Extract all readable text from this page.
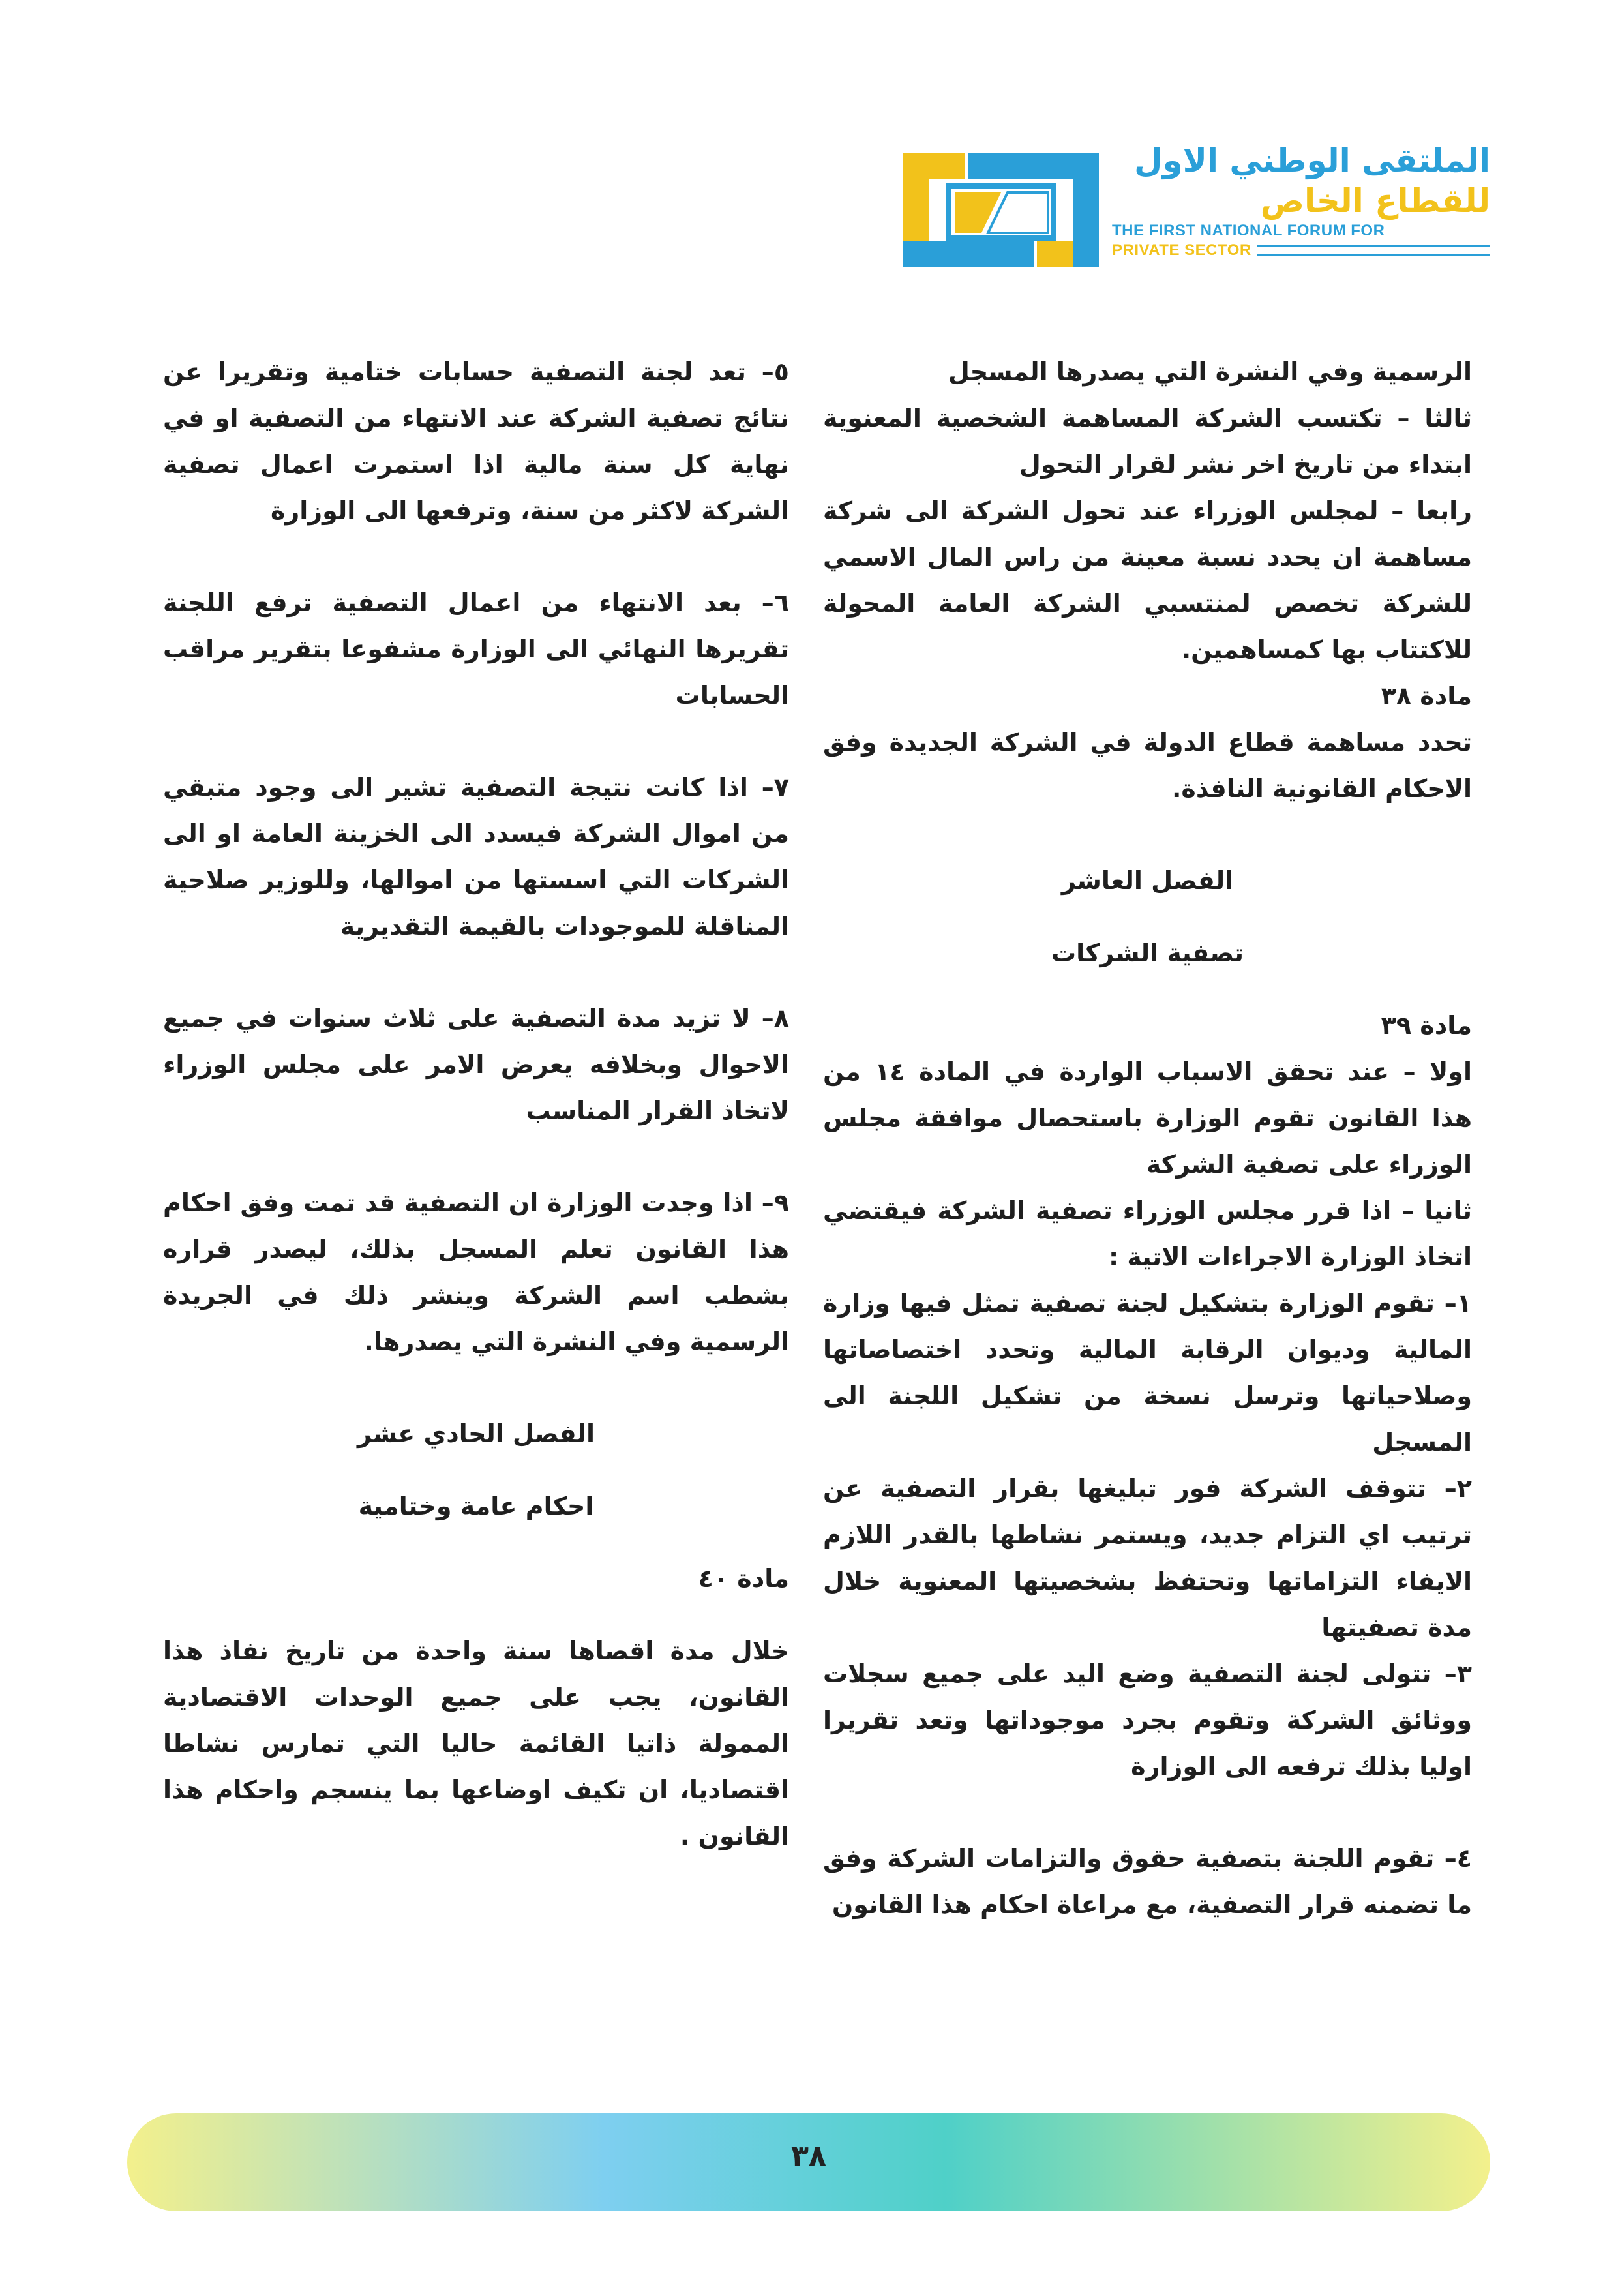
الملتقى الوطني الاول
للقطاع الخاص
THE FIRST NATIONAL FORUM FOR
PRIVATE SECTOR

الرسمية وفي النشرة التي يصدرها المسجل

ثالثا – تكتسب الشركة المساهمة الشخصية المعنوية ابتداء من تاريخ اخر نشر لقرار التحول

رابعا – لمجلس الوزراء عند تحول الشركة الى شركة مساهمة ان يحدد نسبة معينة من راس المال الاسمي للشركة تخصص لمنتسبي الشركة العامة المحولة للاكتتاب بها كمساهمين.

مادة ٣٨

تحدد مساهمة قطاع الدولة في الشركة الجديدة وفق الاحكام القانونية النافذة.

الفصل العاشر

تصفية الشركات

مادة ٣٩

اولا – عند تحقق الاسباب الواردة في المادة ١٤ من هذا القانون تقوم الوزارة باستحصال موافقة مجلس الوزراء على تصفية الشركة

ثانيا – اذا قرر مجلس الوزراء تصفية الشركة فيقتضي اتخاذ الوزارة الاجراءات الاتية :

١– تقوم الوزارة بتشكيل لجنة تصفية تمثل فيها وزارة المالية وديوان الرقابة المالية وتحدد اختصاصاتها وصلاحياتها وترسل نسخة من تشكيل اللجنة الى المسجل

٢– تتوقف الشركة فور تبليغها بقرار التصفية عن ترتيب اي التزام جديد، ويستمر نشاطها بالقدر اللازم الايفاء التزاماتها وتحتفظ بشخصيتها المعنوية خلال مدة تصفيتها

٣– تتولى لجنة التصفية وضع اليد على جميع سجلات ووثائق الشركة وتقوم بجرد موجوداتها وتعد تقريرا اوليا بذلك ترفعه الى الوزارة

٤– تقوم اللجنة بتصفية حقوق والتزامات الشركة وفق ما تضمنه قرار التصفية، مع مراعاة احكام هذا القانون

٥– تعد لجنة التصفية حسابات ختامية وتقريرا عن نتائج تصفية الشركة عند الانتهاء من التصفية او في نهاية كل سنة مالية اذا استمرت اعمال تصفية الشركة لاكثر من سنة، وترفعها الى الوزارة

٦– بعد الانتهاء من اعمال التصفية ترفع اللجنة تقريرها النهائي الى الوزارة مشفوعا بتقرير مراقب الحسابات

٧– اذا كانت نتيجة التصفية تشير الى وجود متبقي من اموال الشركة فيسدد الى الخزينة العامة او الى الشركات التي اسستها من اموالها، وللوزير صلاحية المناقلة للموجودات بالقيمة التقديرية

٨– لا تزيد مدة التصفية على ثلاث سنوات في جميع الاحوال وبخلافه يعرض الامر على مجلس الوزراء لاتخاذ القرار المناسب

٩– اذا وجدت الوزارة ان التصفية قد تمت وفق احكام هذا القانون تعلم المسجل بذلك، ليصدر قراره بشطب اسم الشركة وينشر ذلك في الجريدة الرسمية وفي النشرة التي يصدرها.

الفصل الحادي عشر

احكام عامة وختامية

مادة ٤٠

خلال مدة اقصاها سنة واحدة من تاريخ نفاذ هذا القانون، يجب على جميع الوحدات الاقتصادية الممولة ذاتيا القائمة حاليا التي تمارس نشاطا اقتصاديا، ان تكيف اوضاعها بما ينسجم واحكام هذا القانون .

٣٨
